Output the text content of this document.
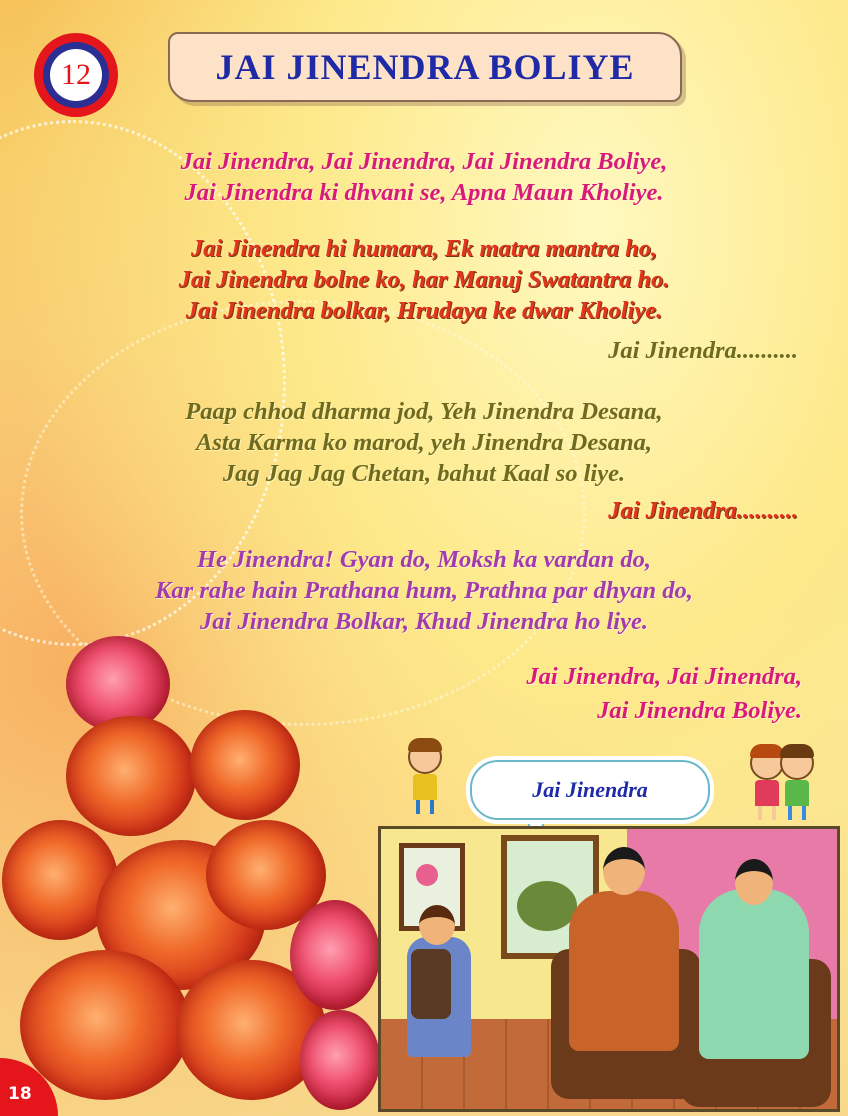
12	JAI JINENDRA BOLIYE
Jai Jinendra, Jai Jinendra, Jai Jinendra Boliye,
Jai Jinendra ki dhvani se, Apna Maun Kholiye.
Jai Jinendra hi humara, Ek matra mantra ho,
Jai Jinendra bolne ko, har Manuj Swatantra ho.
Jai Jinendra bolkar, Hrudaya ke dwar Kholiye.
Jai Jinendra..........
Paap chhod dharma jod, Yeh Jinendra Desana,
Asta Karma ko marod, yeh Jinendra Desana,
Jag Jag Jag Chetan, bahut Kaal so liye.
Jai Jinendra..........
He Jinendra! Gyan do, Moksh ka vardan do,
Kar rahe hain Prathana hum, Prathna par dhyan do,
Jai Jinendra Bolkar, Khud Jinendra ho liye.
Jai Jinendra, Jai Jinendra,
Jai Jinendra Boliye.
Jai Jinendra
18
